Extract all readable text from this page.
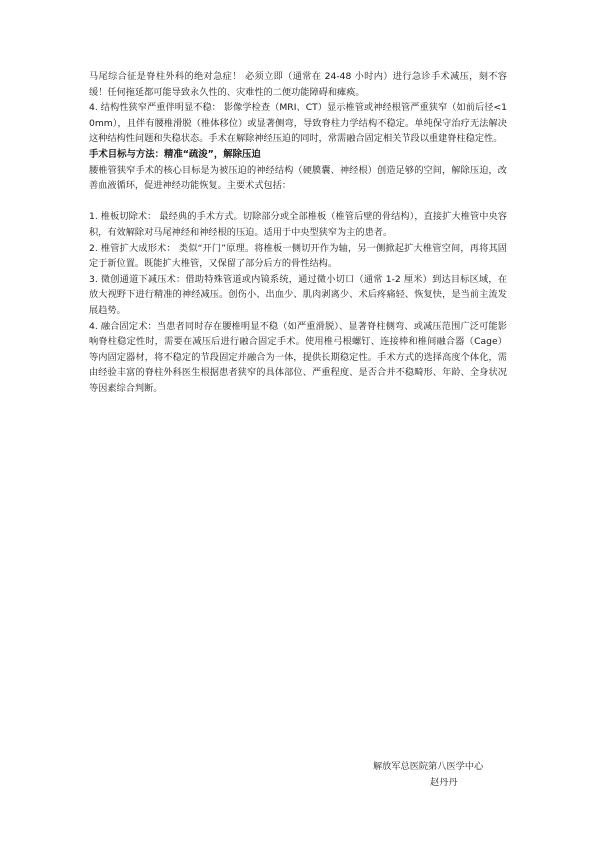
马尾综合征是脊柱外科的绝对急症！ 必须立即（通常在 24-48 小时内）进行急诊手术减压，刻不容缓！任何拖延都可能导致永久性的、灾难性的二便功能障碍和瘫痪。

4. 结构性狭窄严重伴明显不稳： 影像学检查（MRI、CT）显示椎管或神经根管严重狭窄（如前后径<10mm），且伴有腰椎滑脱（椎体移位）或显著侧弯，导致脊柱力学结构不稳定。单纯保守治疗无法解决这种结构性问题和失稳状态。手术在解除神经压迫的同时，常需融合固定相关节段以重建脊柱稳定性。

手术目标与方法：精准“疏浚”，解除压迫

腰椎管狭窄手术的核心目标是为被压迫的神经结构（硬膜囊、神经根）创造足够的空间，解除压迫，改善血液循环，促进神经功能恢复。主要术式包括：

1. 椎板切除术： 最经典的手术方式。切除部分或全部椎板（椎管后壁的骨结构），直接扩大椎管中央容积，有效解除对马尾神经和神经根的压迫。适用于中央型狭窄为主的患者。

2. 椎管扩大成形术： 类似“开门”原理。将椎板一侧切开作为轴，另一侧掀起扩大椎管空间，再将其固定于新位置。既能扩大椎管，又保留了部分后方的骨性结构。

3. 微创通道下减压术：借助特殊管道或内镜系统，通过微小切口（通常 1-2 厘米）到达目标区域，在放大视野下进行精准的神经减压。创伤小、出血少、肌肉剥离少、术后疼痛轻、恢复快，是当前主流发展趋势。

4. 融合固定术：当患者同时存在腰椎明显不稳（如严重滑脱）、显著脊柱侧弯、或减压范围广泛可能影响脊柱稳定性时，需要在减压后进行融合固定手术。使用椎弓根螺钉、连接棒和椎间融合器（Cage）等内固定器材，将不稳定的节段固定并融合为一体，提供长期稳定性。手术方式的选择高度个体化，需由经验丰富的脊柱外科医生根据患者狭窄的具体部位、严重程度、是否合并不稳畸形、年龄、全身状况等因素综合判断。

解放军总医院第八医学中心

赵丹丹
